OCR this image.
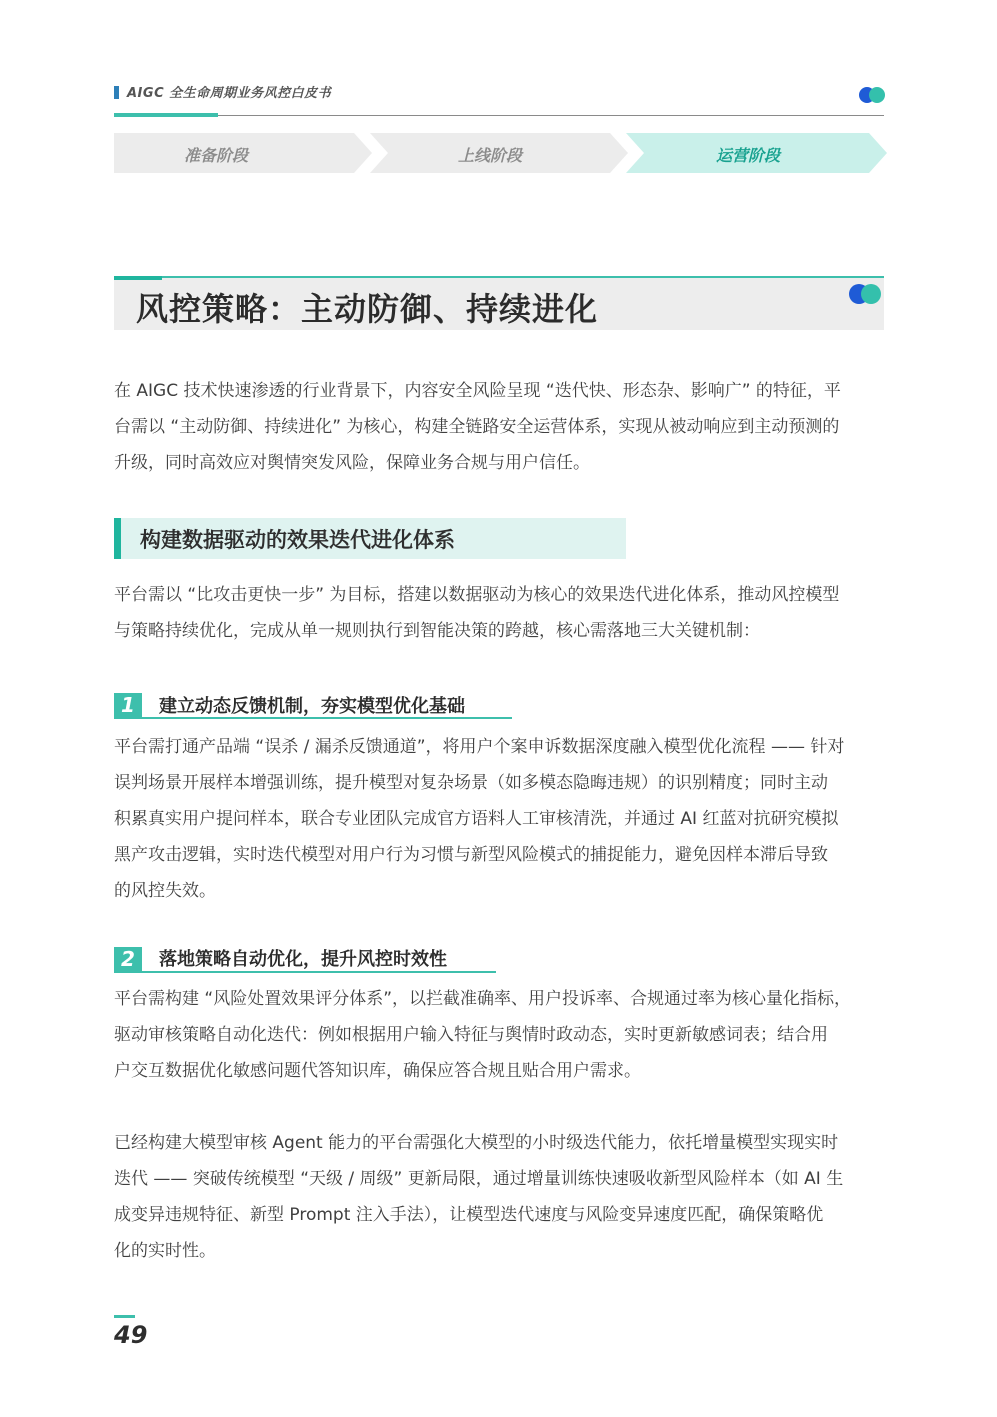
AIGC 全生命周期业务风控白皮书
准备阶段	上线阶段	运营阶段
风控策略：主动防御、持续进化
在 AIGC 技术快速渗透的行业背景下，内容安全风险呈现 “迭代快、形态杂、影响广” 的特征，平
台需以 “主动防御、持续进化” 为核心，构建全链路安全运营体系，实现从被动响应到主动预测的
升级，同时高效应对舆情突发风险，保障业务合规与用户信任。
构建数据驱动的效果迭代进化体系
平台需以 “比攻击更快一步” 为目标，搭建以数据驱动为核心的效果迭代进化体系，推动风控模型
与策略持续优化，完成从单一规则执行到智能决策的跨越，核心需落地三大关键机制：
1	建立动态反馈机制，夯实模型优化基础
平台需打通产品端 “误杀 / 漏杀反馈通道”，将用户个案申诉数据深度融入模型优化流程 —— 针对
误判场景开展样本增强训练，提升模型对复杂场景（如多模态隐晦违规）的识别精度；同时主动
积累真实用户提问样本，联合专业团队完成官方语料人工审核清洗，并通过 AI 红蓝对抗研究模拟
黑产攻击逻辑，实时迭代模型对用户行为习惯与新型风险模式的捕捉能力，避免因样本滞后导致
的风控失效。
2	落地策略自动优化，提升风控时效性
平台需构建 “风险处置效果评分体系”，以拦截准确率、用户投诉率、合规通过率为核心量化指标，
驱动审核策略自动化迭代：例如根据用户输入特征与舆情时政动态，实时更新敏感词表；结合用
户交互数据优化敏感问题代答知识库，确保应答合规且贴合用户需求。
已经构建大模型审核 Agent 能力的平台需强化大模型的小时级迭代能力，依托增量模型实现实时
迭代 —— 突破传统模型 “天级 / 周级” 更新局限，通过增量训练快速吸收新型风险样本（如 AI 生
成变异违规特征、新型 Prompt 注入手法），让模型迭代速度与风险变异速度匹配，确保策略优
化的实时性。
49
